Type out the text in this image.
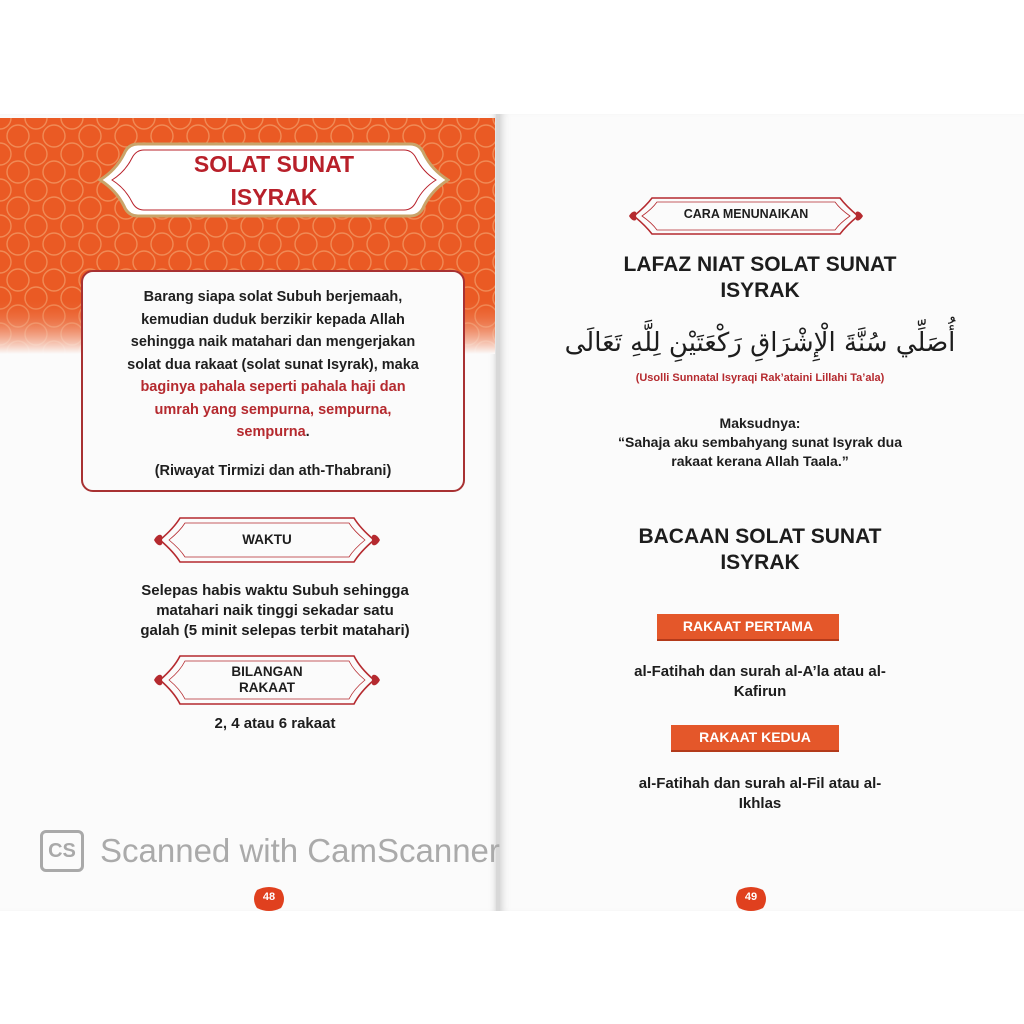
SOLAT SUNAT
ISYRAK

Barang siapa solat Subuh berjemaah,
kemudian duduk berzikir kepada Allah
sehingga naik matahari dan mengerjakan
solat dua rakaat (solat sunat Isyrak), maka
baginya pahala seperti pahala haji dan
umrah yang sempurna, sempurna,
sempurna.

(Riwayat Tirmizi dan ath-Thabrani)

WAKTU
Selepas habis waktu Subuh sehingga
matahari naik tinggi sekadar satu
galah (5 minit selepas terbit matahari)
BILANGAN
RAKAAT
2, 4 atau 6 rakaat
48
CARA MENUNAIKAN
LAFAZ NIAT SOLAT SUNAT
ISYRAK
أُصَلِّي سُنَّةَ الْإِشْرَاقِ رَكْعَتَيْنِ لِلَّهِ تَعَالَى
(Usolli Sunnatal Isyraqi Rak’ataini Lillahi Ta’ala)
Maksudnya:
“Sahaja aku sembahyang sunat Isyrak dua
rakaat kerana Allah Taala.”
BACAAN SOLAT SUNAT
ISYRAK
RAKAAT PERTAMA
al-Fatihah dan surah al-A’la atau al-
Kafirun
RAKAAT KEDUA
al-Fatihah dan surah al-Fil atau al-
Ikhlas
49
CS Scanned with CamScanner
